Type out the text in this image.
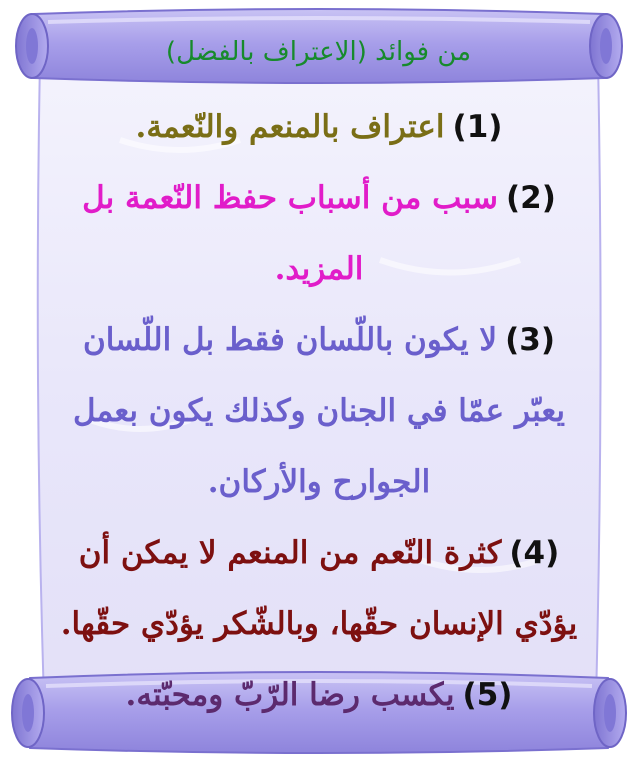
من فوائد (الاعتراف بالفضل)

(1)اعتراف بالمنعم والنّعمة.

(2)سبب من أسباب حفظ النّعمة بل المزيد.

(3)لا يكون باللّسان فقط بل اللّسان يعبّر عمّا في الجنان وكذلك يكون بعمل الجوارح والأركان.

(4)كثرة النّعم من المنعم لا يمكن أن يؤدّي الإنسان حقّها، وبالشّكر يؤدّي حقّها.

(5)يكسب رضا الرّبّ ومحبّته.
